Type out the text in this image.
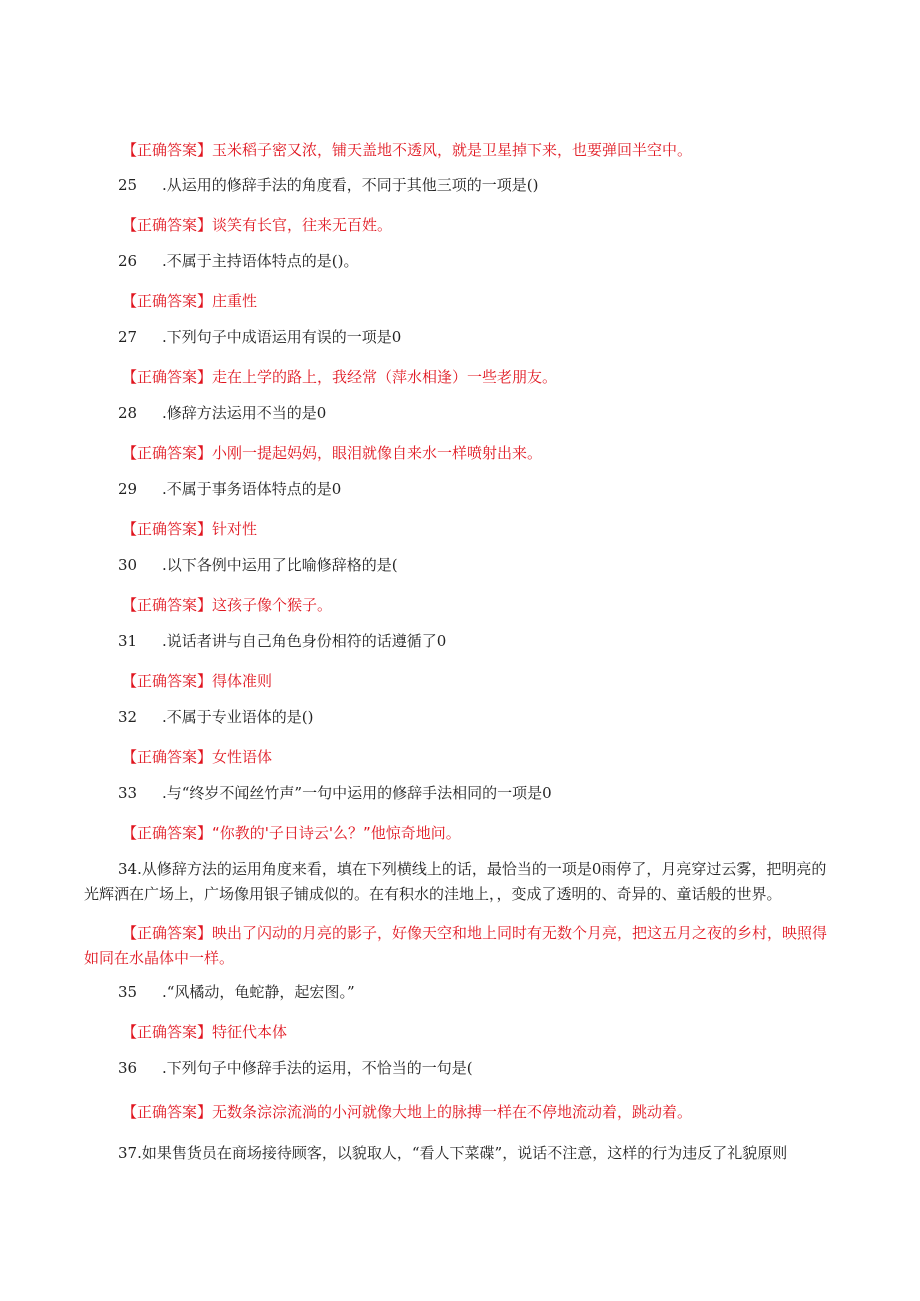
【正确答案】玉米稻子密又浓，铺天盖地不透风，就是卫星掉下来，也要弹回半空中。
25 .从运用的修辞手法的角度看，不同于其他三项的一项是()
【正确答案】谈笑有长官，往来无百姓。
26 .不属于主持语体特点的是()。
【正确答案】庄重性
27 .下列句子中成语运用有误的一项是0
【正确答案】走在上学的路上，我经常（萍水相逢）一些老朋友。
28 .修辞方法运用不当的是0
【正确答案】小刚一提起妈妈，眼泪就像自来水一样喷射出来。
29 .不属于事务语体特点的是0
【正确答案】针对性
30 .以下各例中运用了比喻修辞格的是(
【正确答案】这孩子像个猴子。
31 .说话者讲与自己角色身份相符的话遵循了0
【正确答案】得体准则
32 .不属于专业语体的是()
【正确答案】女性语体
33 .与“终岁不闻丝竹声”一句中运用的修辞手法相同的一项是0
【正确答案】“你教的'子日诗云'么？”他惊奇地问。
34.从修辞方法的运用角度来看，填在下列横线上的话，最恰当的一项是0雨停了，月亮穿过云雾，把明亮的光辉洒在广场上，广场像用银子铺成似的。在有积水的洼地上，，变成了透明的、奇异的、童话般的世界。
【正确答案】映出了闪动的月亮的影子，好像天空和地上同时有无数个月亮，把这五月之夜的乡村，映照得如同在水晶体中一样。
35 .“风橘动，龟蛇静，起宏图。”
【正确答案】特征代本体
36 .下列句子中修辞手法的运用，不恰当的一句是(
【正确答案】无数条淙淙流淌的小河就像大地上的脉搏一样在不停地流动着，跳动着。
37.如果售货员在商场接待顾客，以貌取人，“看人下菜碟”，说话不注意，这样的行为违反了礼貌原则
